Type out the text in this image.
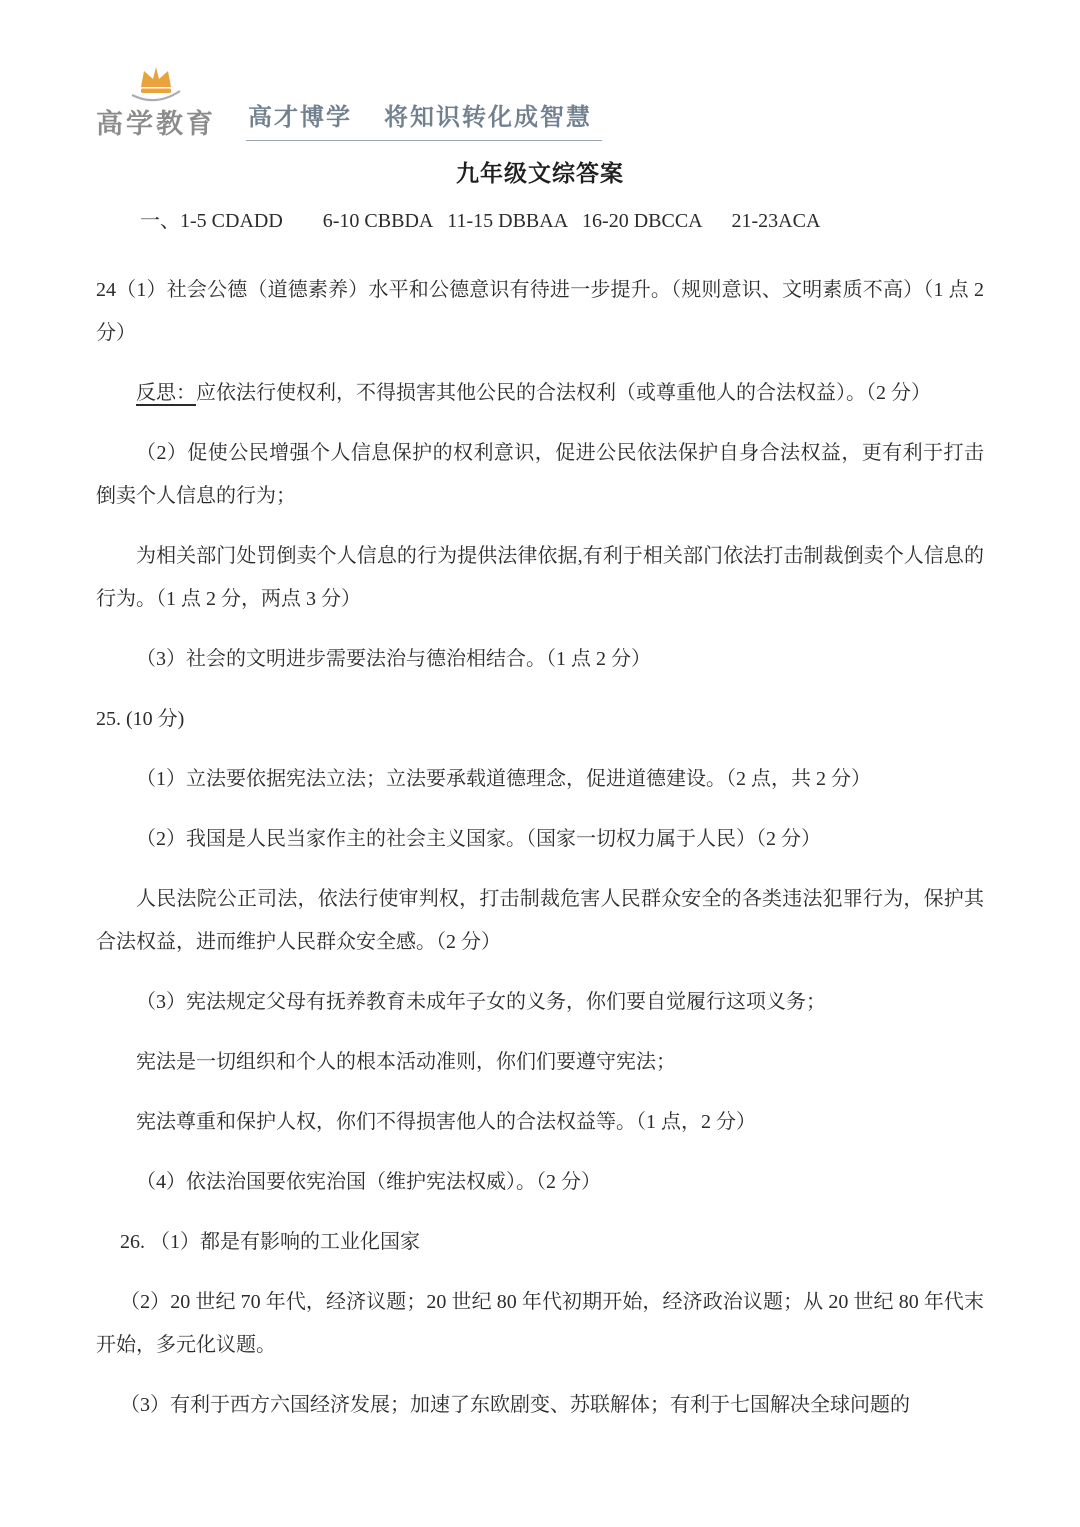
高学教育 高才博学    将知识转化成智慧
九年级文综答案

一、1-5 CDADD        6-10 CBBDA   11-15 DBBAA   16-20 DBCCA      21-23ACA

24（1）社会公德（道德素养）水平和公德意识有待进一步提升。（规则意识、文明素质不高）（1 点 2 分）

反思：应依法行使权利，不得损害其他公民的合法权利（或尊重他人的合法权益）。（2 分）

（2）促使公民增强个人信息保护的权利意识，促进公民依法保护自身合法权益，更有利于打击倒卖个人信息的行为；

为相关部门处罚倒卖个人信息的行为提供法律依据,有利于相关部门依法打击制裁倒卖个人信息的行为。（1 点 2 分，两点 3 分）

（3）社会的文明进步需要法治与德治相结合。（1 点 2 分）

25. (10 分)

（1）立法要依据宪法立法；立法要承载道德理念，促进道德建设。（2 点，共 2 分）

（2）我国是人民当家作主的社会主义国家。（国家一切权力属于人民）（2 分）

人民法院公正司法，依法行使审判权，打击制裁危害人民群众安全的各类违法犯罪行为，保护其合法权益，进而维护人民群众安全感。（2 分）

（3）宪法规定父母有抚养教育未成年子女的义务，你们要自觉履行这项义务；

宪法是一切组织和个人的根本活动准则，你们们要遵守宪法；

宪法尊重和保护人权，你们不得损害他人的合法权益等。（1 点，2 分）

（4）依法治国要依宪治国（维护宪法权威）。（2 分）

26. （1）都是有影响的工业化国家

（2）20 世纪 70 年代，经济议题；20 世纪 80 年代初期开始，经济政治议题；从 20 世纪 80 年代末开始，多元化议题。

（3）有利于西方六国经济发展；加速了东欧剧变、苏联解体；有利于七国解决全球问题的
